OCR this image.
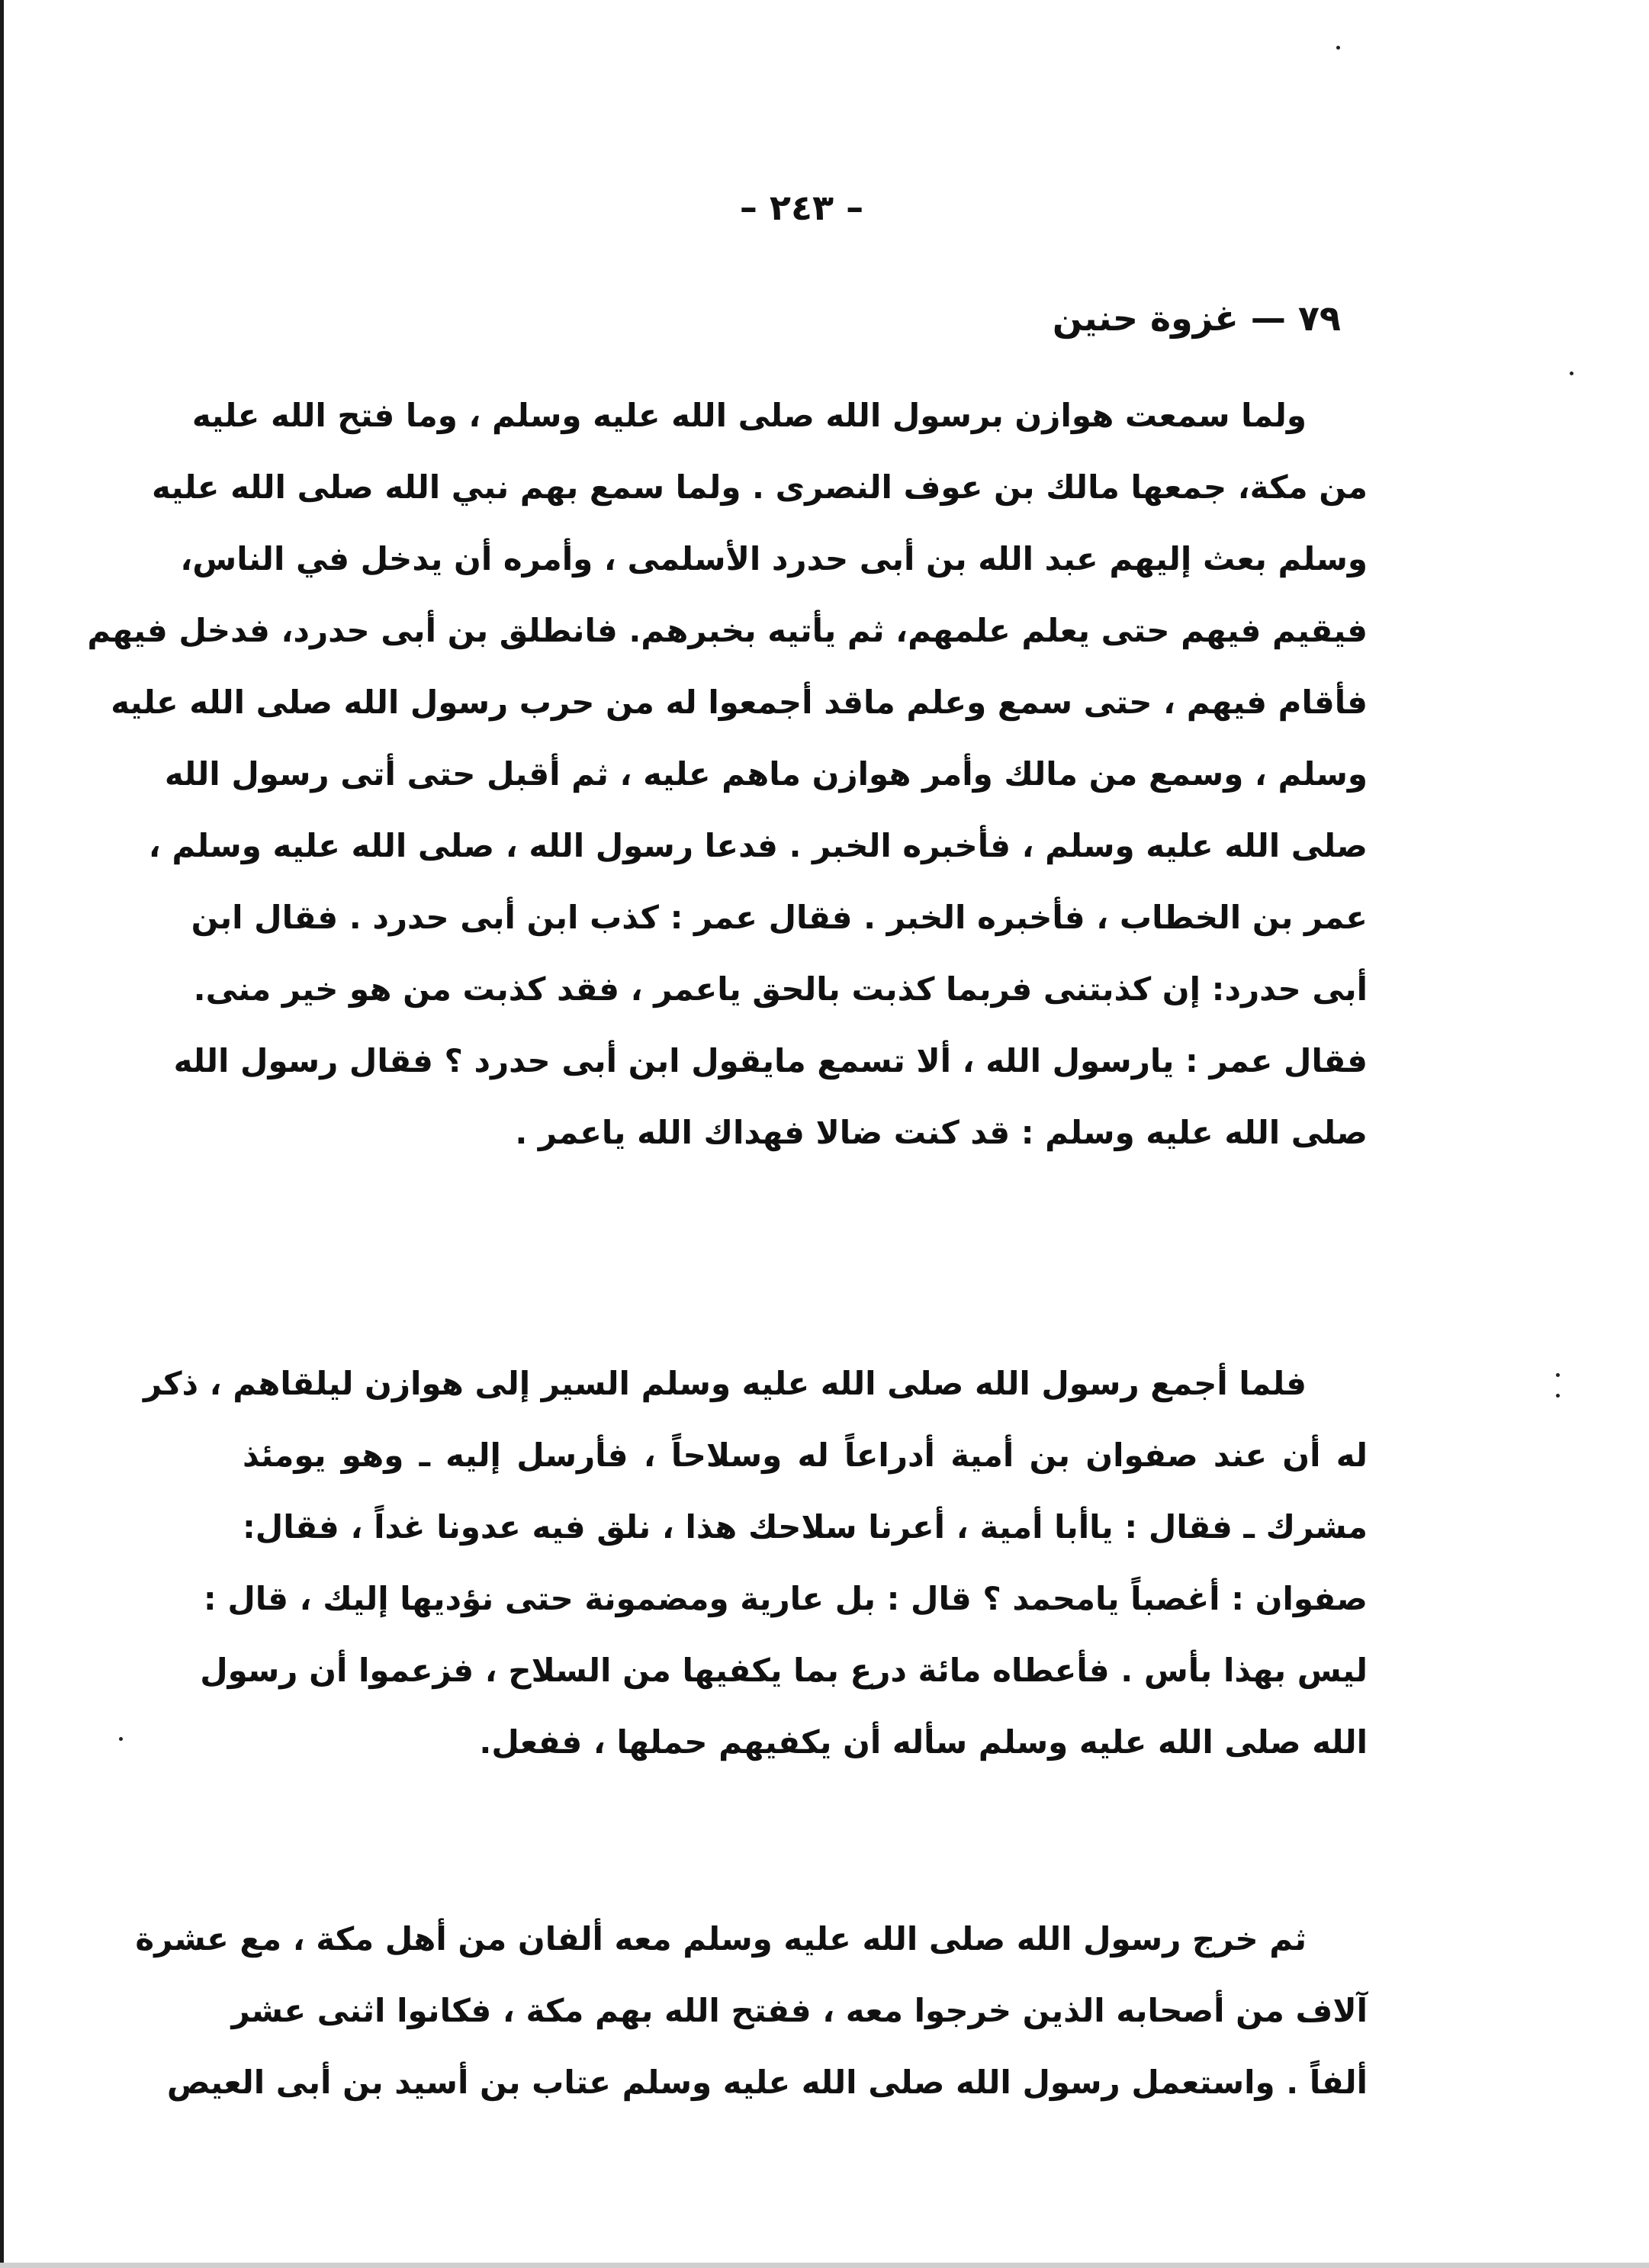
– ٢٤٣ –
٧٩ — غزوة حنين
ولما سمعت هوازن برسول الله صلى الله عليه وسلم ، وما فتح الله عليه
من مكة، جمعها مالك بن عوف النصرى . ولما سمع بهم نبي الله صلى الله عليه
وسلم بعث إليهم عبد الله بن أبى حدرد الأسلمى ، وأمره أن يدخل في الناس،
فيقيم فيهم حتى يعلم علمهم، ثم يأتيه بخبرهم. فانطلق بن أبى حدرد، فدخل فيهم
فأقام فيهم ، حتى سمع وعلم ماقد أجمعوا له من حرب رسول الله صلى الله عليه
وسلم ، وسمع من مالك وأمر هوازن ماهم عليه ، ثم أقبل حتى أتى رسول الله
صلى الله عليه وسلم ، فأخبره الخبر . فدعا رسول الله ، صلى الله عليه وسلم ،
عمر بن الخطاب ، فأخبره الخبر . فقال عمر : كذب ابن أبى حدرد . فقال ابن
أبى حدرد: إن كذبتنى فربما كذبت بالحق ياعمر ، فقد كذبت من هو خير منى.
فقال عمر : يارسول الله ، ألا تسمع مايقول ابن أبى حدرد ؟ فقال رسول الله
صلى الله عليه وسلم : قد كنت ضالا فهداك الله ياعمر .
فلما أجمع رسول الله صلى الله عليه وسلم السير إلى هوازن ليلقاهم ، ذكر
له أن عند صفوان بن أمية أدراعاً له وسلاحاً ، فأرسل إليه ـ وهو يومئذ
مشرك ـ فقال : ياأبا أمية ، أعرنا سلاحك هذا ، نلق فيه عدونا غداً ، فقال:
صفوان : أغصباً يامحمد ؟ قال : بل عارية ومضمونة حتى نؤديها إليك ، قال :
ليس بهذا بأس . فأعطاه مائة درع بما يكفيها من السلاح ، فزعموا أن رسول
الله صلى الله عليه وسلم سأله أن يكفيهم حملها ، ففعل.
ثم خرج رسول الله صلى الله عليه وسلم معه ألفان من أهل مكة ، مع عشرة
آلاف من أصحابه الذين خرجوا معه ، ففتح الله بهم مكة ، فكانوا اثنى عشر
ألفاً . واستعمل رسول الله صلى الله عليه وسلم عتاب بن أسيد بن أبى العيص
